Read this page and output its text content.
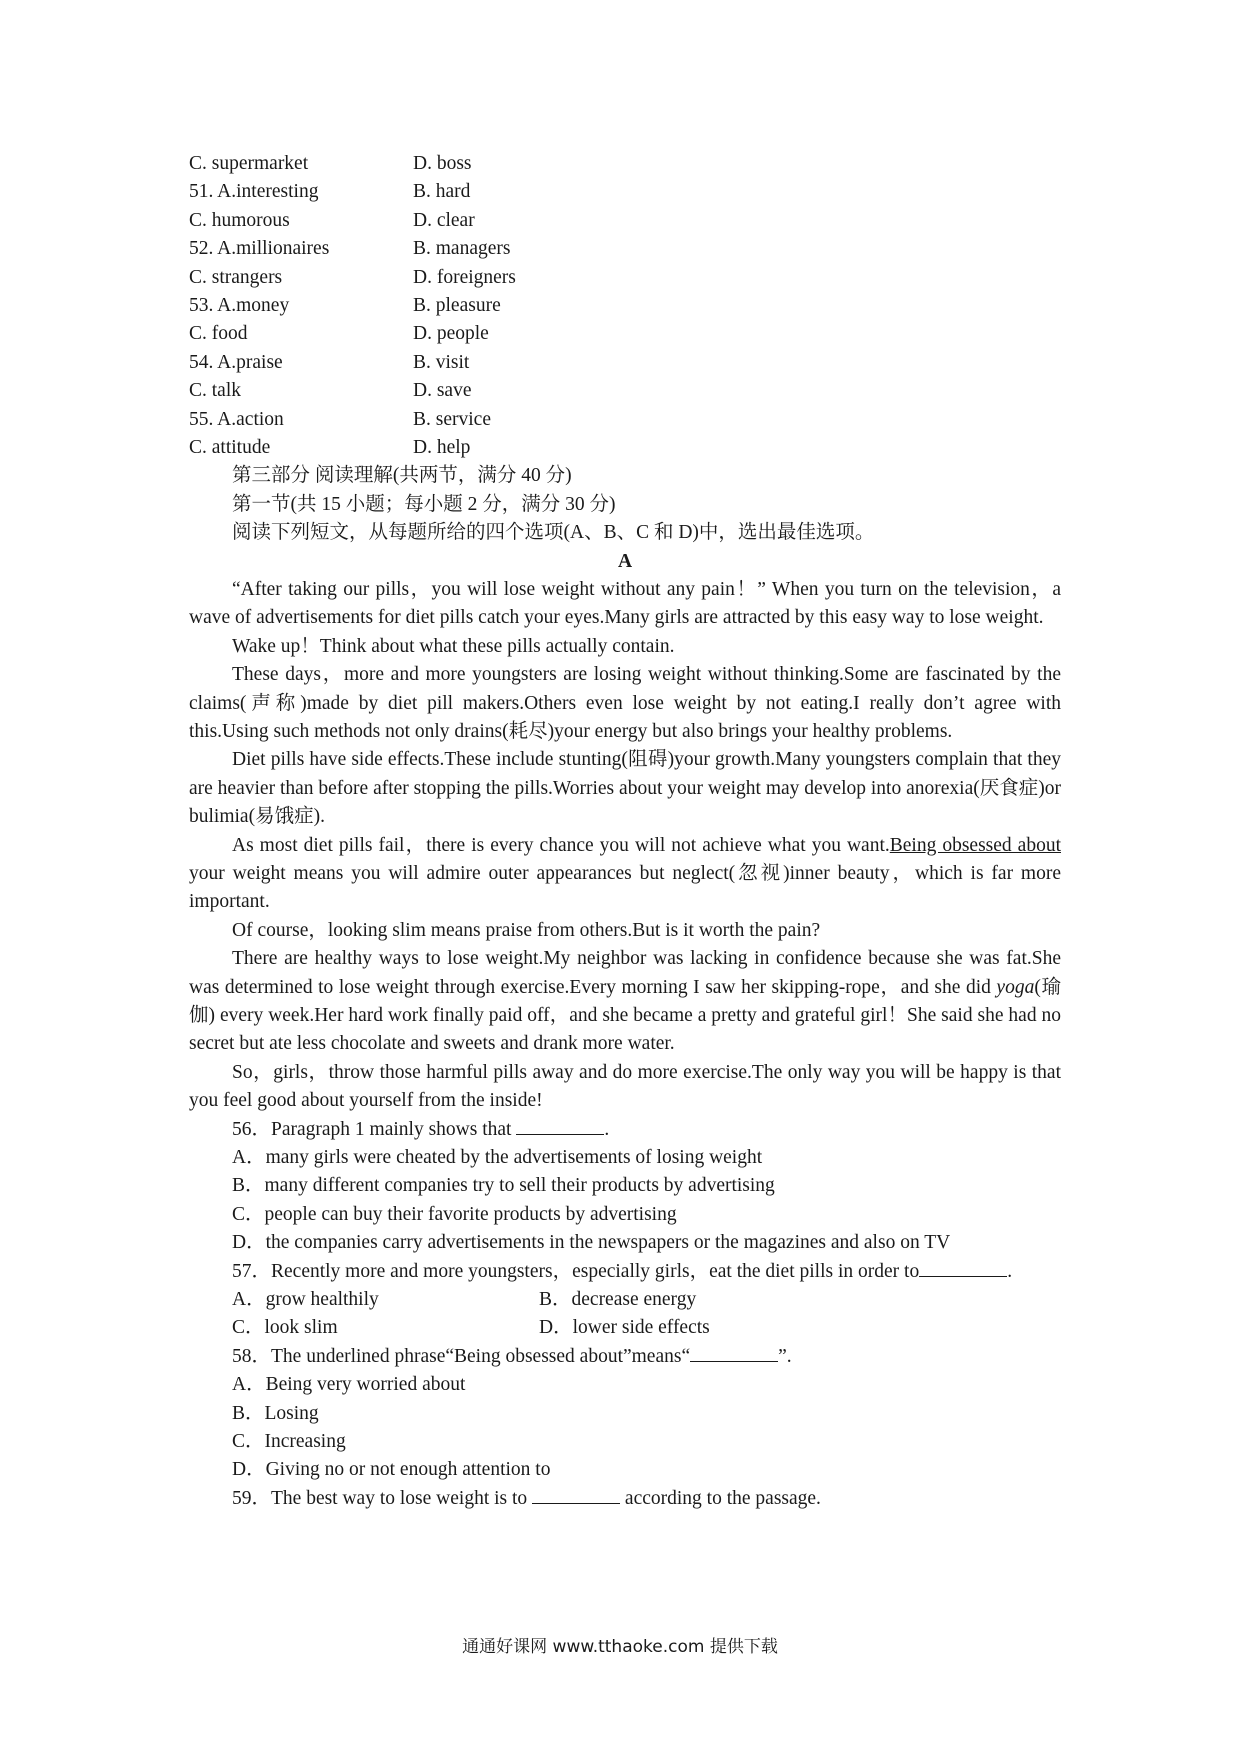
C. supermarket	D. boss
51. A.interesting	B. hard
C. humorous	D. clear
52. A.millionaires	B. managers
C. strangers	D. foreigners
53. A.money	B. pleasure
C. food	D. people
54. A.praise	B. visit
C. talk	D. save
55. A.action	B. service
C. attitude	D. help
第三部分 阅读理解(共两节，满分 40 分)
第一节(共 15 小题；每小题 2 分，满分 30 分)
阅读下列短文，从每题所给的四个选项(A、B、C 和 D)中，选出最佳选项。
A

“After taking our pills，you will lose weight without any pain！” When you turn on the television，a wave of advertisements for diet pills catch your eyes.Many girls are attracted by this easy way to lose weight.

Wake up！Think about what these pills actually contain.

These days，more and more youngsters are losing weight without thinking.Some are fascinated by the claims(声称)made by diet pill makers.Others even lose weight by not eating.I really don’t agree with this.Using such methods not only drains(耗尽)your energy but also brings your healthy problems.

Diet pills have side effects.These include stunting(阻碍)your growth.Many youngsters complain that they are heavier than before after stopping the pills.Worries about your weight may develop into anorexia(厌食症)or bulimia(易饿症).

As most diet pills fail，there is every chance you will not achieve what you want.Being obsessed about your weight means you will admire outer appearances but neglect(忽视)inner beauty，which is far more important.

Of course，looking slim means praise from others.But is it worth the pain?

There are healthy ways to lose weight.My neighbor was lacking in confidence because she was fat.She was determined to lose weight through exercise.Every morning I saw her skipping-rope，and she did yoga(瑜伽) every week.Her hard work finally paid off，and she became a pretty and grateful girl！She said she had no secret but ate less chocolate and sweets and drank more water.

So，girls，throw those harmful pills away and do more exercise.The only way you will be happy is that you feel good about yourself from the inside!

56．Paragraph 1 mainly shows that	.
A．many girls were cheated by the advertisements of losing weight
B．many different companies try to sell their products by advertising
C．people can buy their favorite products by advertising
D．the companies carry advertisements in the newspapers or the magazines and also on TV

57．Recently more and more youngsters，especially girls，eat the diet pills in order to	.

A．grow healthily	B．decrease energy
C．look slim	D．lower side effects
58．The underlined phrase“Being obsessed about”means“	”.
A．Being very worried about
B．Losing
C．Increasing
D．Giving no or not enough attention to
59．The best way to lose weight is to	according to the passage.
通通好课网 www.tthaoke.com 提供下载
